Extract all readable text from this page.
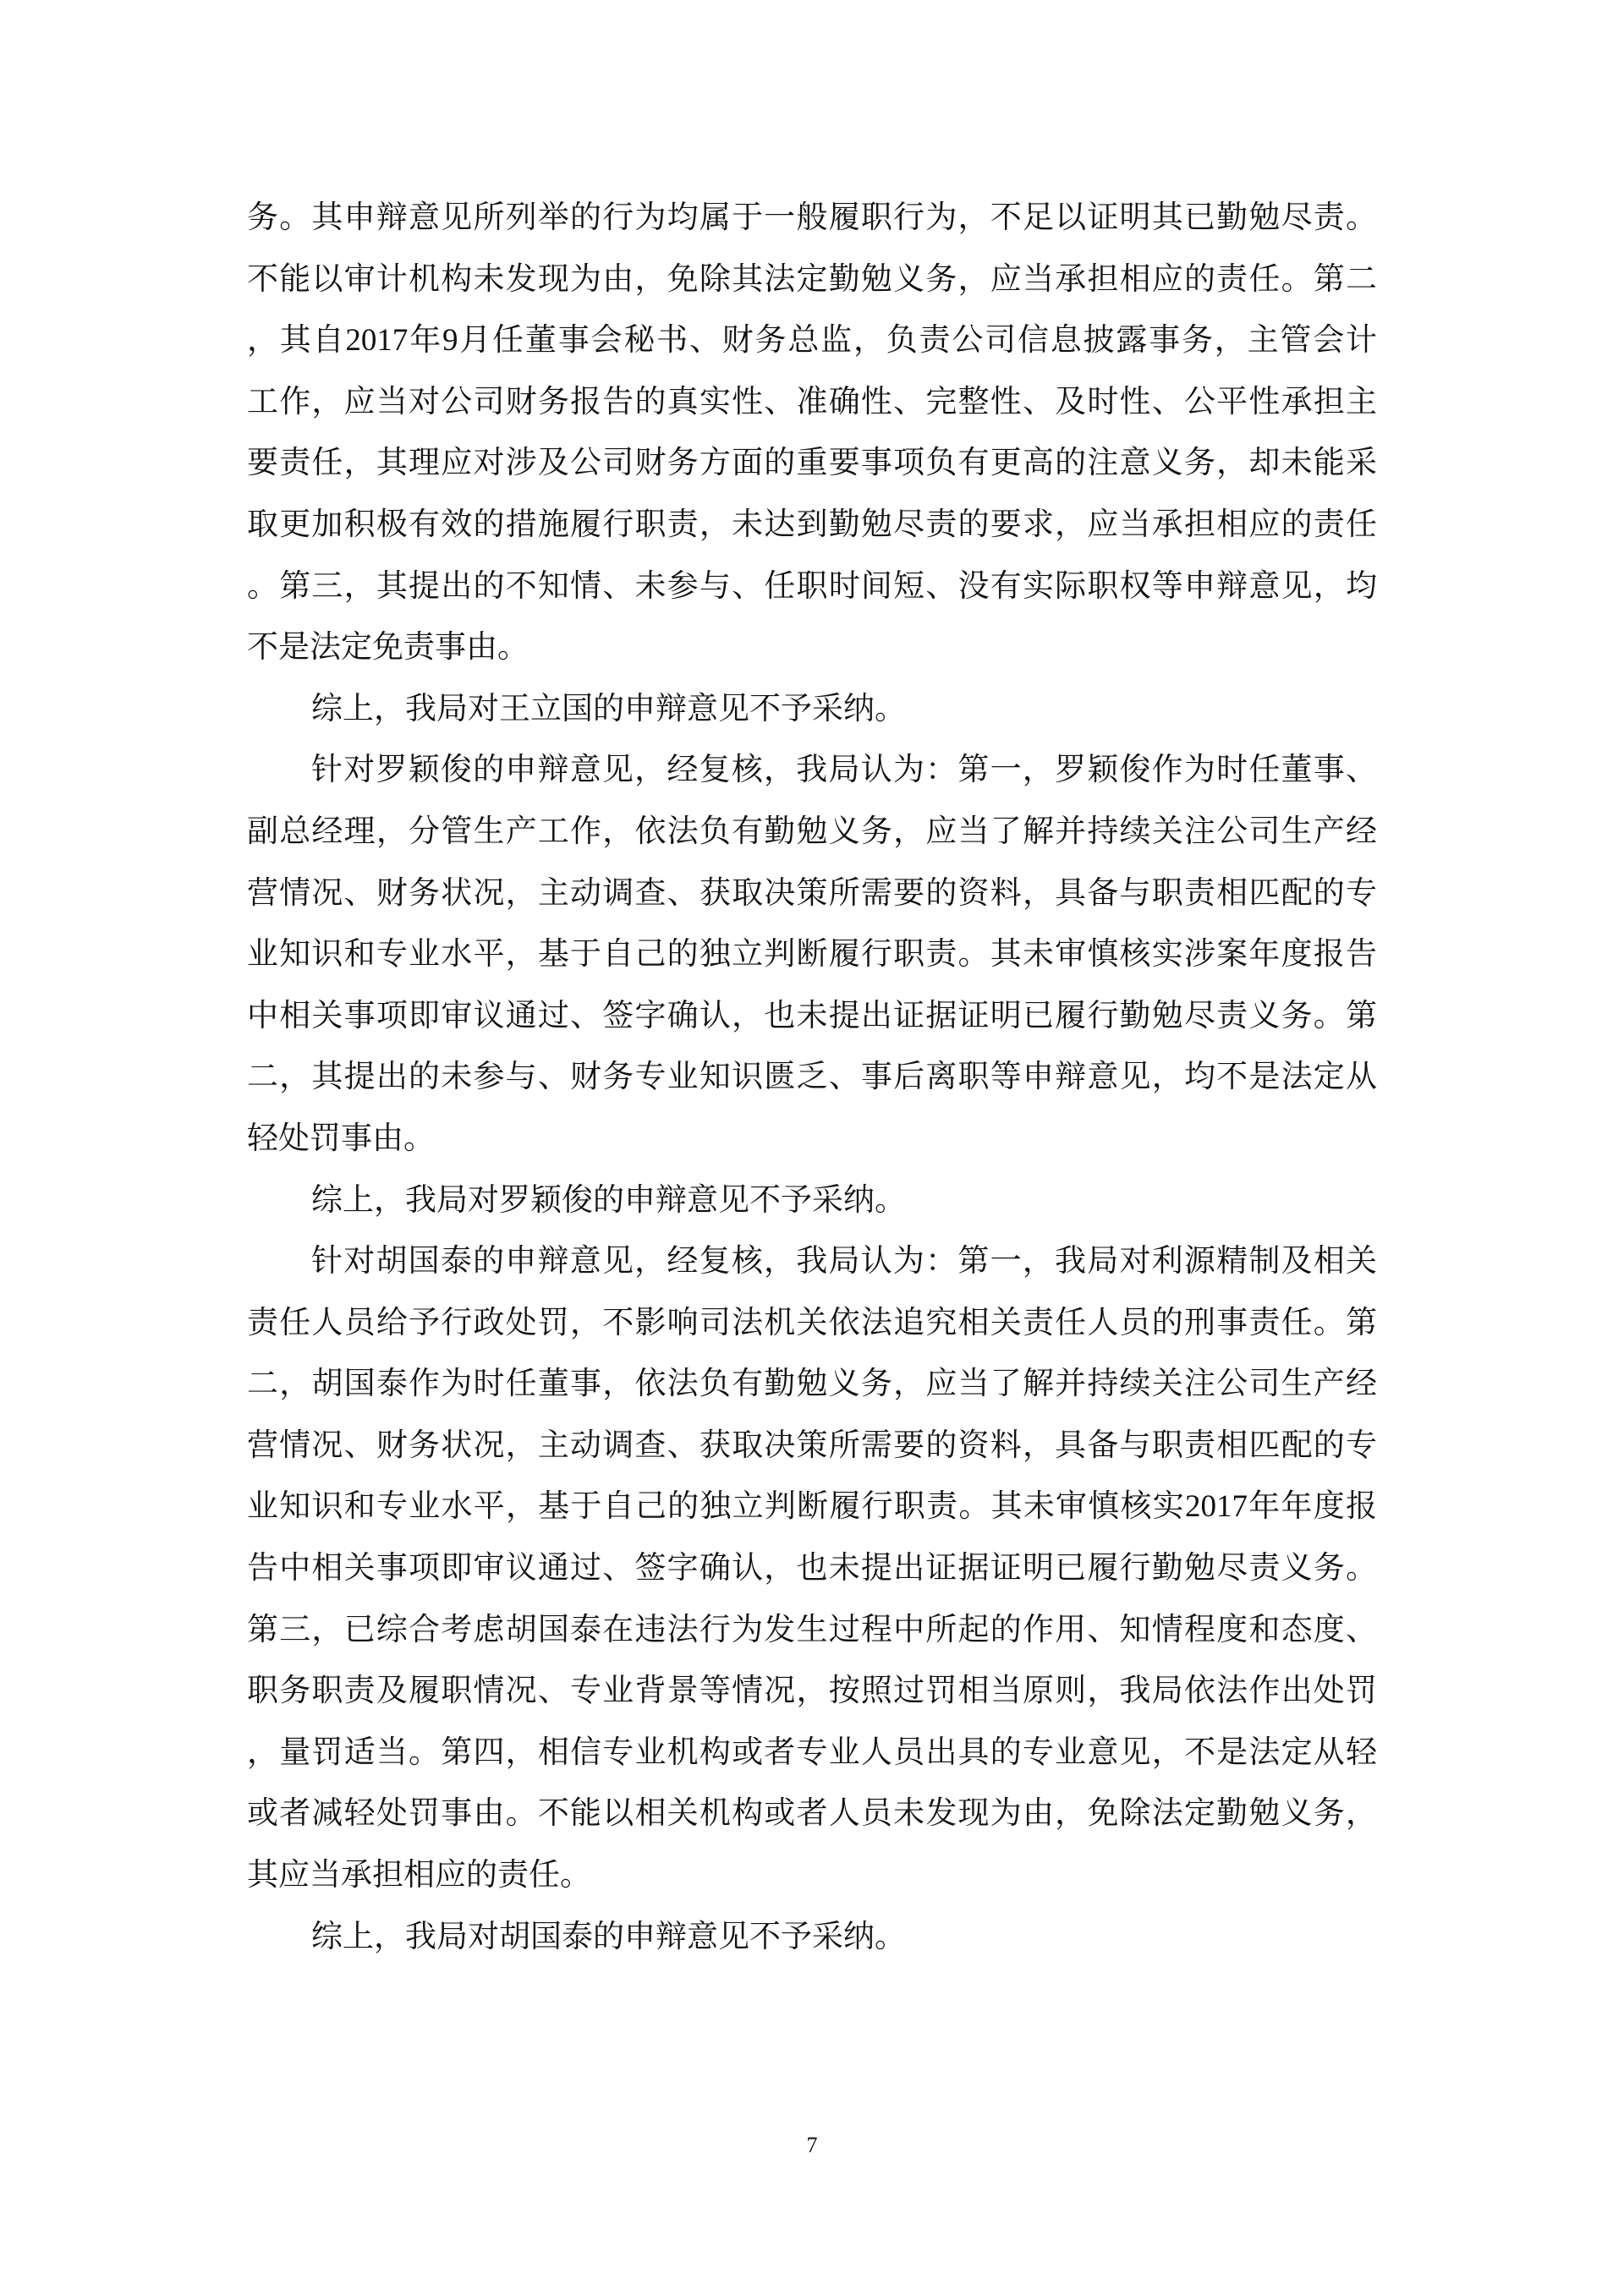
务。其申辩意见所列举的行为均属于一般履职行为，不足以证明其已勤勉尽责。
不能以审计机构未发现为由，免除其法定勤勉义务，应当承担相应的责任。第二
，其自2017年9月任董事会秘书、财务总监，负责公司信息披露事务，主管会计
工作，应当对公司财务报告的真实性、准确性、完整性、及时性、公平性承担主
要责任，其理应对涉及公司财务方面的重要事项负有更高的注意义务，却未能采
取更加积极有效的措施履行职责，未达到勤勉尽责的要求，应当承担相应的责任
。第三，其提出的不知情、未参与、任职时间短、没有实际职权等申辩意见，均
不是法定免责事由。
综上，我局对王立国的申辩意见不予采纳。
针对罗颖俊的申辩意见，经复核，我局认为：第一，罗颖俊作为时任董事、
副总经理，分管生产工作，依法负有勤勉义务，应当了解并持续关注公司生产经
营情况、财务状况，主动调查、获取决策所需要的资料，具备与职责相匹配的专
业知识和专业水平，基于自己的独立判断履行职责。其未审慎核实涉案年度报告
中相关事项即审议通过、签字确认，也未提出证据证明已履行勤勉尽责义务。第
二，其提出的未参与、财务专业知识匮乏、事后离职等申辩意见，均不是法定从
轻处罚事由。
综上，我局对罗颖俊的申辩意见不予采纳。
针对胡国泰的申辩意见，经复核，我局认为：第一，我局对利源精制及相关
责任人员给予行政处罚，不影响司法机关依法追究相关责任人员的刑事责任。第
二，胡国泰作为时任董事，依法负有勤勉义务，应当了解并持续关注公司生产经
营情况、财务状况，主动调查、获取决策所需要的资料，具备与职责相匹配的专
业知识和专业水平，基于自己的独立判断履行职责。其未审慎核实2017年年度报
告中相关事项即审议通过、签字确认，也未提出证据证明已履行勤勉尽责义务。
第三，已综合考虑胡国泰在违法行为发生过程中所起的作用、知情程度和态度、
职务职责及履职情况、专业背景等情况，按照过罚相当原则，我局依法作出处罚
，量罚适当。第四，相信专业机构或者专业人员出具的专业意见，不是法定从轻
或者减轻处罚事由。不能以相关机构或者人员未发现为由，免除法定勤勉义务，
其应当承担相应的责任。
综上，我局对胡国泰的申辩意见不予采纳。
7
